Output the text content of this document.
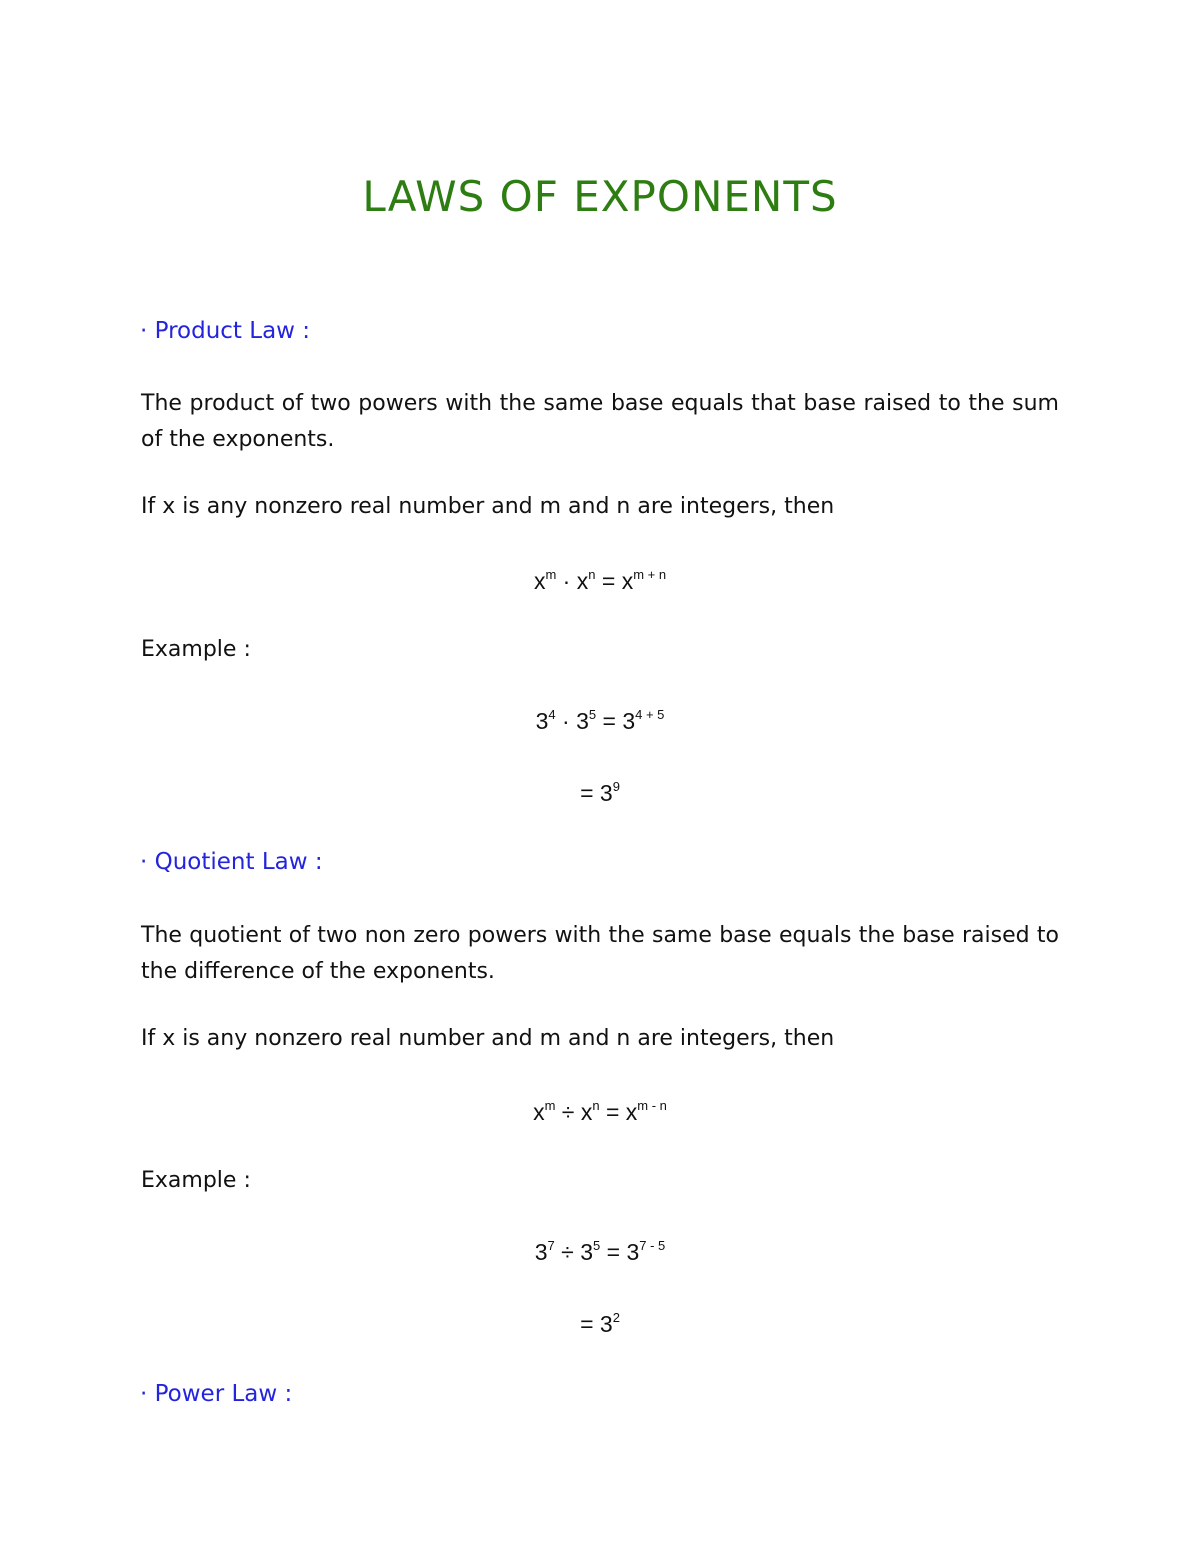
LAWS OF EXPONENTS
· Product Law :
The product of two powers with the same base equals that base raised to the sum of the exponents.
If x is any nonzero real number and m and n are integers, then
$x^m \cdot x^n = x^{m + n}$
Example :
$3^4 \cdot 3^5 = 3^{4 + 5}$
= $3^9$
· Quotient Law :
The quotient of two non zero powers with the same base equals the base raised to the difference of the exponents.
If x is any nonzero real number and m and n are integers, then
$x^m \div x^n = x^{m - n}$
Example :
$3^7 \div 3^5 = 3^{7 - 5}$
= $3^2$
· Power Law :
